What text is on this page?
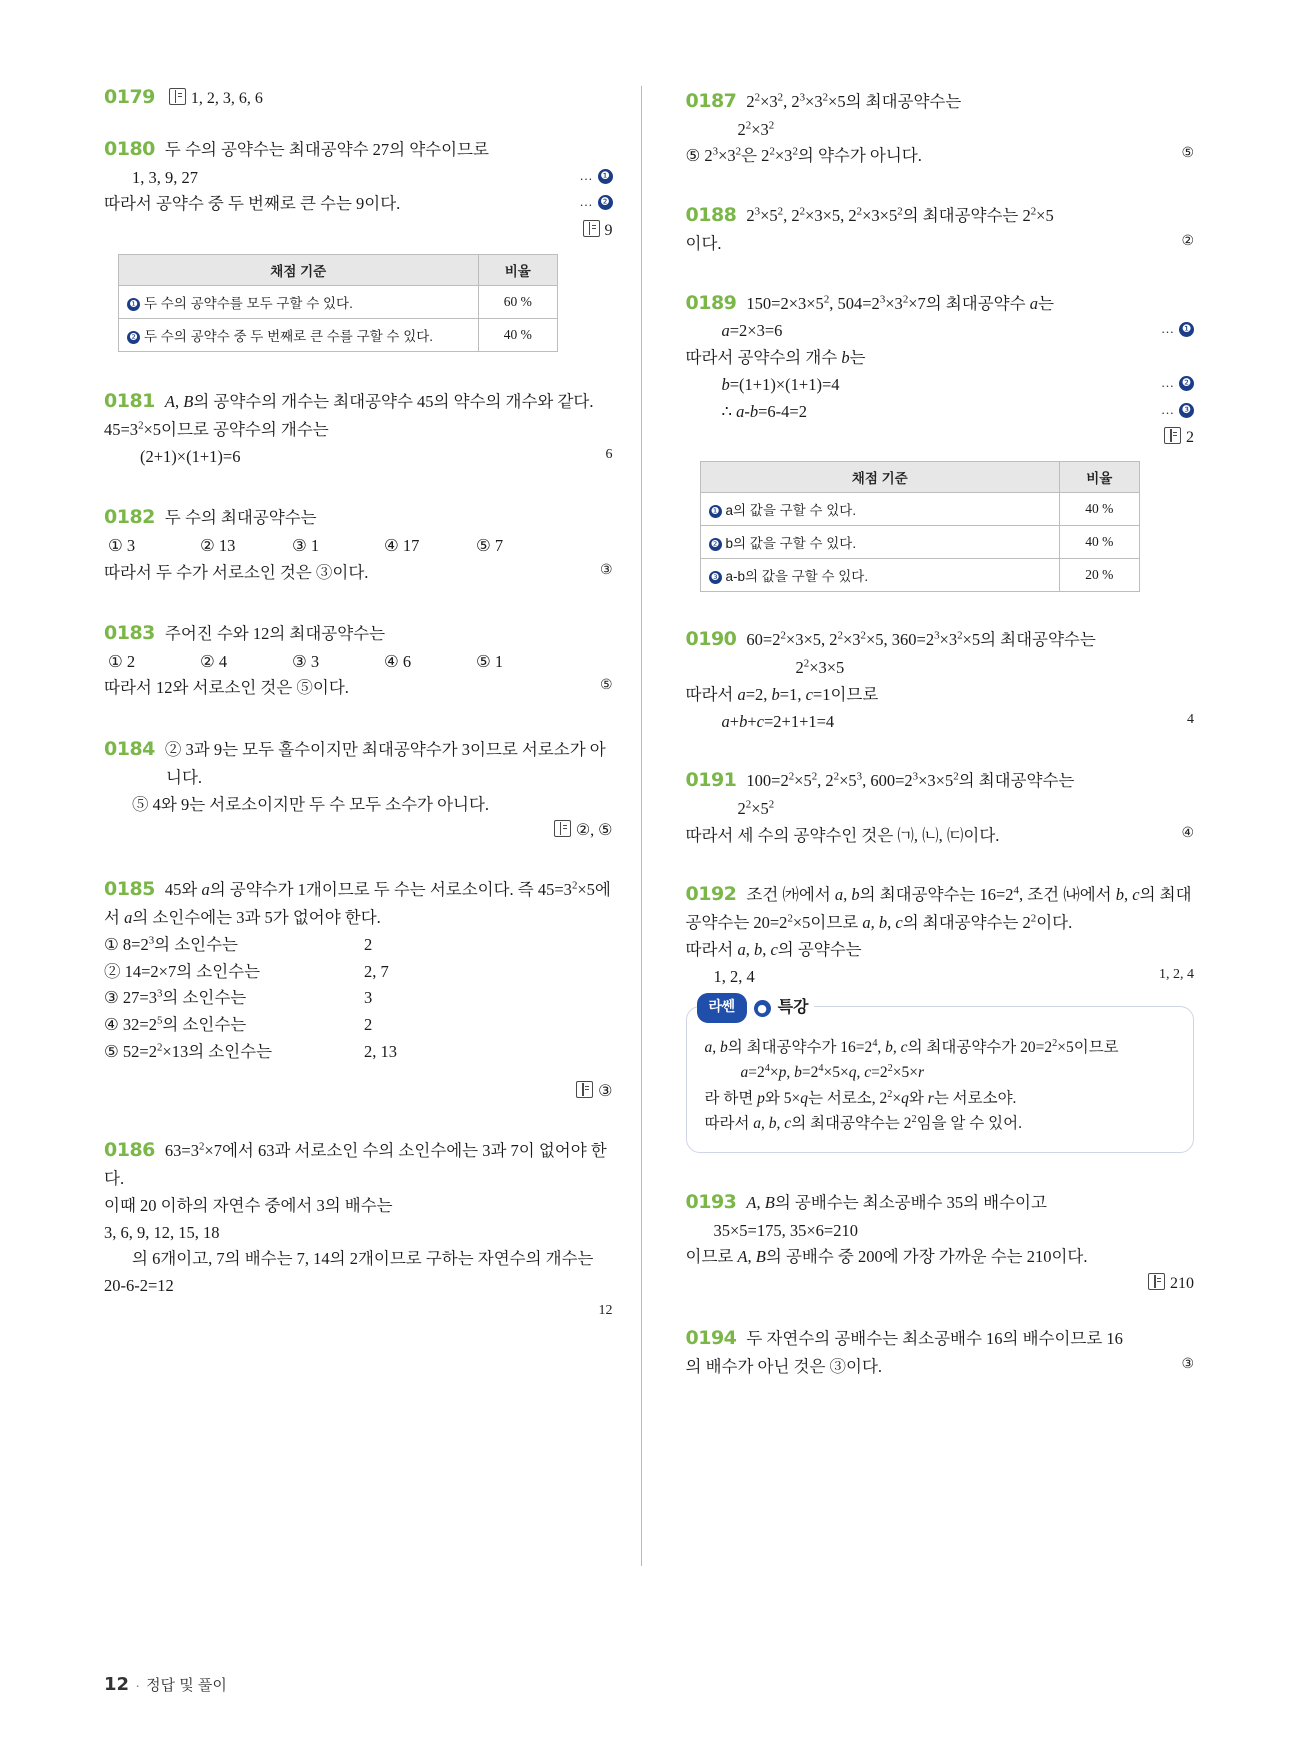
0179 1, 2, 3, 6, 6
0180 두 수의 공약수는 최대공약수 27의 약수이므로
1, 3, 9, 27	… ❶
따라서 공약수 중 두 번째로 큰 수는 9이다.	… ❷
9
채점 기준	비율
❶ 두 수의 공약수를 모두 구할 수 있다.	60 %
❷ 두 수의 공약수 중 두 번째로 큰 수를 구할 수 있다.	40 %
0181 A, B의 공약수의 개수는 최대공약수 45의 약수의 개수와 같다.
$45=3^2\times 5$이므로 공약수의 개수는
(2+1)×(1+1)=6	6
0182 두 수의 최대공약수는
① 3	② 13	③ 1	④ 17	⑤ 7
따라서 두 수가 서로소인 것은 ③이다.	③
0183 주어진 수와 12의 최대공약수는
① 2	② 4	③ 3	④ 6	⑤ 1
따라서 12와 서로소인 것은 ⑤이다.	⑤
0184 ② 3과 9는 모두 홀수이지만 최대공약수가 3이므로 서로소가 아니다.
⑤ 4와 9는 서로소이지만 두 수 모두 소수가 아니다.
②, ⑤
0185 45와 a의 공약수가 1개이므로 두 수는 서로소이다. 즉 $45=3^2\times 5$에서 a의 소인수에는 3과 5가 없어야 한다.
① $8=2^3$의 소인수는	2
② 14=2×7의 소인수는	2, 7
③ $27=3^3$의 소인수는	3
④ $32=2^5$의 소인수는	2
⑤ $52=2^2\times 13$의 소인수는	2, 13
③
0186 $63=3^2\times 7$에서 63과 서로소인 수의 소인수에는 3과 7이 없어야 한다.
이때 20 이하의 자연수 중에서 3의 배수는
3, 6, 9, 12, 15, 18
의 6개이고, 7의 배수는 7, 14의 2개이므로 구하는 자연수의 개수는
20-6-2=12
12
0187 $2^2\times 3^2$, $2^3\times 3^2\times 5$의 최대공약수는
$2^2\times 3^2$
⑤ $2^3\times 3^2$은 $2^2\times 3^2$의 약수가 아니다.	⑤
0188 $2^3\times 5^2$, $2^2\times 3\times 5$, $2^2\times 3\times 5^2$의 최대공약수는 $2^2\times 5$
이다.	②
0189 $150=2\times 3\times 5^2$, $504=2^3\times 3^2\times 7$의 최대공약수 a는
a=2×3=6	… ❶
따라서 공약수의 개수 b는
b=(1+1)×(1+1)=4	… ❷
∴ a-b=6-4=2	… ❸
2
채점 기준	비율
❶ a의 값을 구할 수 있다.	40 %
❷ b의 값을 구할 수 있다.	40 %
❸ a-b의 값을 구할 수 있다.	20 %
0190 $60=2^2\times 3\times 5$, $2^2\times 3^2\times 5$, $360=2^3\times 3^2\times 5$의 최대공약수는
$2^2\times 3\times 5$
따라서 a=2, b=1, c=1이므로
a+b+c=2+1+1=4	4
0191 $100=2^2\times 5^2$, $2^2\times 5^3$, $600=2^3\times 3\times 5^2$의 최대공약수는
$2^2\times 5^2$
따라서 세 수의 공약수인 것은 ㈀, ㈁, ㈂이다.	④
0192 조건 ㈎에서 a, b의 최대공약수는 $16=2^4$, 조건 ㈏에서 b, c의 최대공약수는 $20=2^2\times 5$이므로 a, b, c의 최대공약수는 $2^2$이다.
따라서 a, b, c의 공약수는
1, 2, 4	1, 2, 4
라쎈	● 특강
a, b의 최대공약수가 $16=2^4$, b, c의 최대공약수가 $20=2^2\times 5$이므로
$a=2^4\times p$, $b=2^4\times 5\times q$, $c=2^2\times 5\times r$
라 하면 p와 5×q는 서로소, $2^2\times q$와 r는 서로소야.
따라서 a, b, c의 최대공약수는 $2^2$임을 알 수 있어.
0193 A, B의 공배수는 최소공배수 35의 배수이고
35×5=175, 35×6=210
이므로 A, B의 공배수 중 200에 가장 가까운 수는 210이다.
210
0194 두 자연수의 공배수는 최소공배수 16의 배수이므로 16
의 배수가 아닌 것은 ③이다.	③
12 · 정답 및 풀이
